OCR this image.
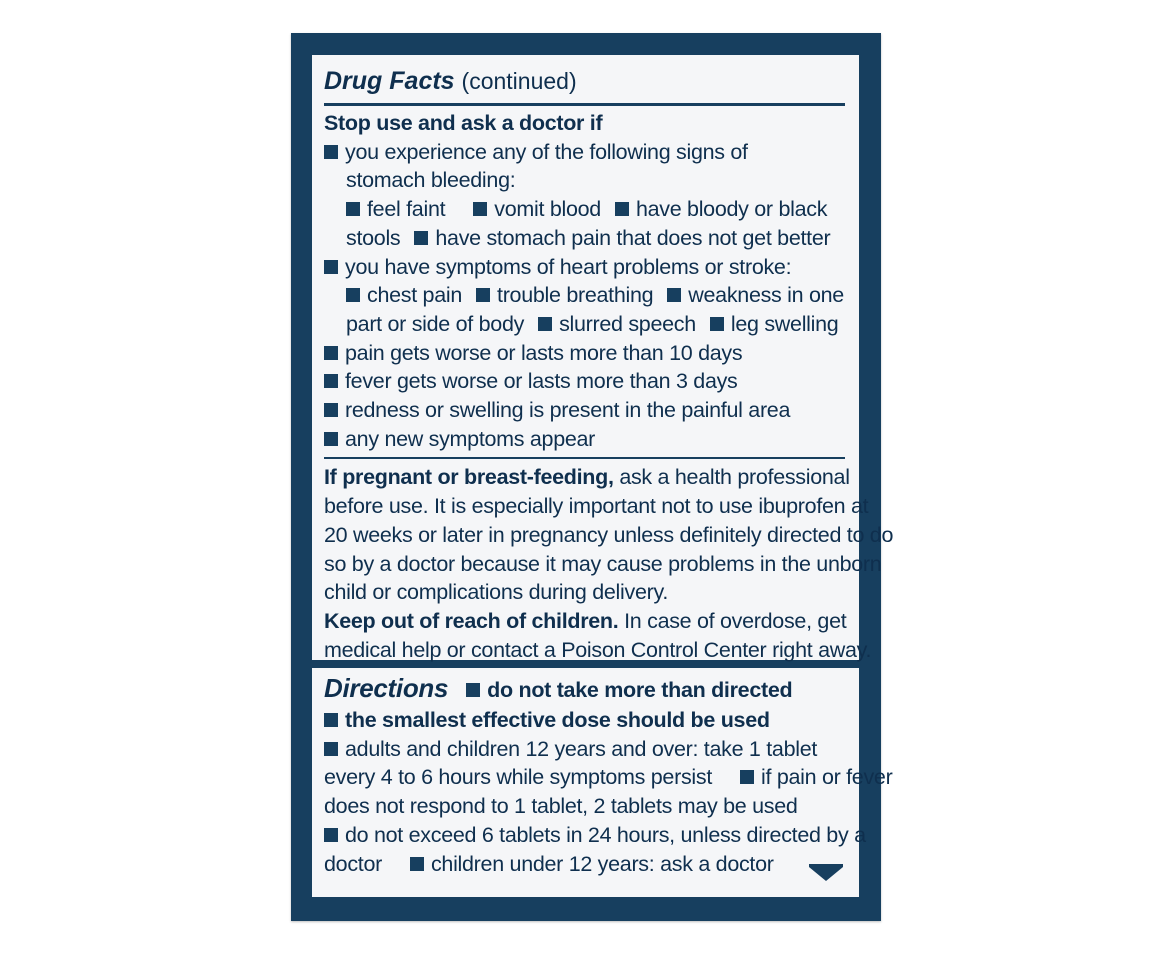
Drug Facts (continued)
Stop use and ask a doctor if
you experience any of the following signs of
stomach bleeding:
feel faint vomit blood have bloody or black
stools have stomach pain that does not get better
you have symptoms of heart problems or stroke:
chest pain trouble breathing weakness in one
part or side of body slurred speech leg swelling
pain gets worse or lasts more than 10 days
fever gets worse or lasts more than 3 days
redness or swelling is present in the painful area
any new symptoms appear
If pregnant or breast-feeding, ask a health professional
before use. It is especially important not to use ibuprofen at
20 weeks or later in pregnancy unless definitely directed to do
so by a doctor because it may cause problems in the unborn
child or complications during delivery.
Keep out of reach of children. In case of overdose, get
medical help or contact a Poison Control Center right away.
Directions do not take more than directed
the smallest effective dose should be used
adults and children 12 years and over: take 1 tablet
every 4 to 6 hours while symptoms persist if pain or fever
does not respond to 1 tablet, 2 tablets may be used
do not exceed 6 tablets in 24 hours, unless directed by a
doctor children under 12 years: ask a doctor
